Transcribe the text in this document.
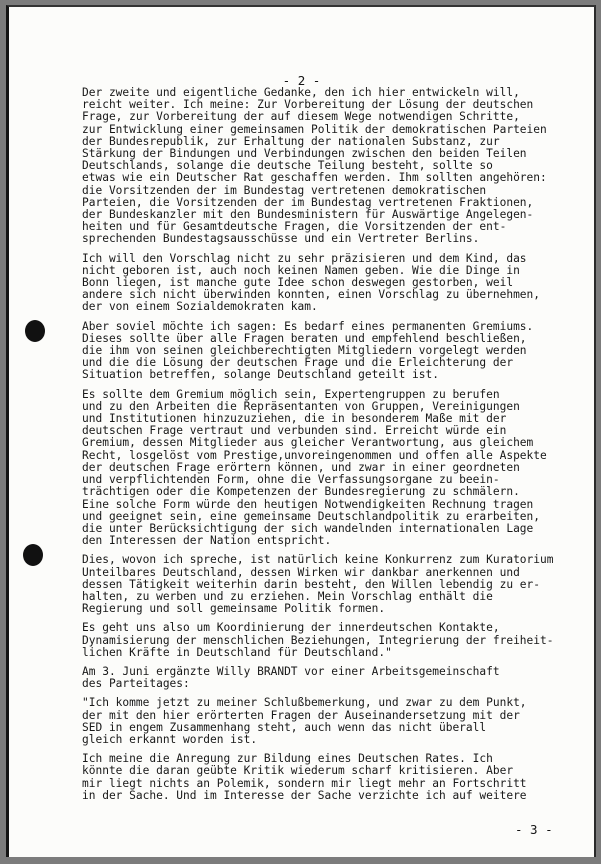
- 2 -
Der zweite und eigentliche Gedanke, den ich hier entwickeln will,
reicht weiter. Ich meine: Zur Vorbereitung der Lösung der deutschen
Frage, zur Vorbereitung der auf diesem Wege notwendigen Schritte,
zur Entwicklung einer gemeinsamen Politik der demokratischen Parteien
der Bundesrepublik, zur Erhaltung der nationalen Substanz, zur
Stärkung der Bindungen und Verbindungen zwischen den beiden Teilen
Deutschlands, solange die deutsche Teilung besteht, sollte so
etwas wie ein Deutscher Rat geschaffen werden. Ihm sollten angehören:
die Vorsitzenden der im Bundestag vertretenen demokratischen
Parteien, die Vorsitzenden der im Bundestag vertretenen Fraktionen,
der Bundeskanzler mit den Bundesministern für Auswärtige Angelegen-
heiten und für Gesamtdeutsche Fragen, die Vorsitzenden der ent-
sprechenden Bundestagsausschüsse und ein Vertreter Berlins.
Ich will den Vorschlag nicht zu sehr präzisieren und dem Kind, das
nicht geboren ist, auch noch keinen Namen geben. Wie die Dinge in
Bonn liegen, ist manche gute Idee schon deswegen gestorben, weil
andere sich nicht überwinden konnten, einen Vorschlag zu übernehmen,
der von einem Sozialdemokraten kam.
Aber soviel möchte ich sagen: Es bedarf eines permanenten Gremiums.
Dieses sollte über alle Fragen beraten und empfehlend beschließen,
die ihm von seinen gleichberechtigten Mitgliedern vorgelegt werden
und die die Lösung der deutschen Frage und die Erleichterung der
Situation betreffen, solange Deutschland geteilt ist.
Es sollte dem Gremium möglich sein, Expertengruppen zu berufen
und zu den Arbeiten die Repräsentanten von Gruppen, Vereinigungen
und Institutionen hinzuzuziehen, die in besonderem Maße mit der
deutschen Frage vertraut und verbunden sind. Erreicht würde ein
Gremium, dessen Mitglieder aus gleicher Verantwortung, aus gleichem
Recht, losgelöst vom Prestige,unvoreingenommen und offen alle Aspekte
der deutschen Frage erörtern können, und zwar in einer geordneten
und verpflichtenden Form, ohne die Verfassungsorgane zu beein-
trächtigen oder die Kompetenzen der Bundesregierung zu schmälern.
Eine solche Form würde den heutigen Notwendigkeiten Rechnung tragen
und geeignet sein, eine gemeinsame Deutschlandpolitik zu erarbeiten,
die unter Berücksichtigung der sich wandelnden internationalen Lage
den Interessen der Nation entspricht.
Dies, wovon ich spreche, ist natürlich keine Konkurrenz zum Kuratorium
Unteilbares Deutschland, dessen Wirken wir dankbar anerkennen und
dessen Tätigkeit weiterhin darin besteht, den Willen lebendig zu er-
halten, zu werben und zu erziehen. Mein Vorschlag enthält die
Regierung und soll gemeinsame Politik formen.
Es geht uns also um Koordinierung der innerdeutschen Kontakte,
Dynamisierung der menschlichen Beziehungen, Integrierung der freiheit-
lichen Kräfte in Deutschland für Deutschland."
Am 3. Juni ergänzte Willy BRANDT vor einer Arbeitsgemeinschaft
des Parteitages:
"Ich komme jetzt zu meiner Schlußbemerkung, und zwar zu dem Punkt,
der mit den hier erörterten Fragen der Auseinandersetzung mit der
SED in engem Zusammenhang steht, auch wenn das nicht überall
gleich erkannt worden ist.
Ich meine die Anregung zur Bildung eines Deutschen Rates. Ich
könnte die daran geübte Kritik wiederum scharf kritisieren. Aber
mir liegt nichts an Polemik, sondern mir liegt mehr an Fortschritt
in der Sache. Und im Interesse der Sache verzichte ich auf weitere
- 3 -
